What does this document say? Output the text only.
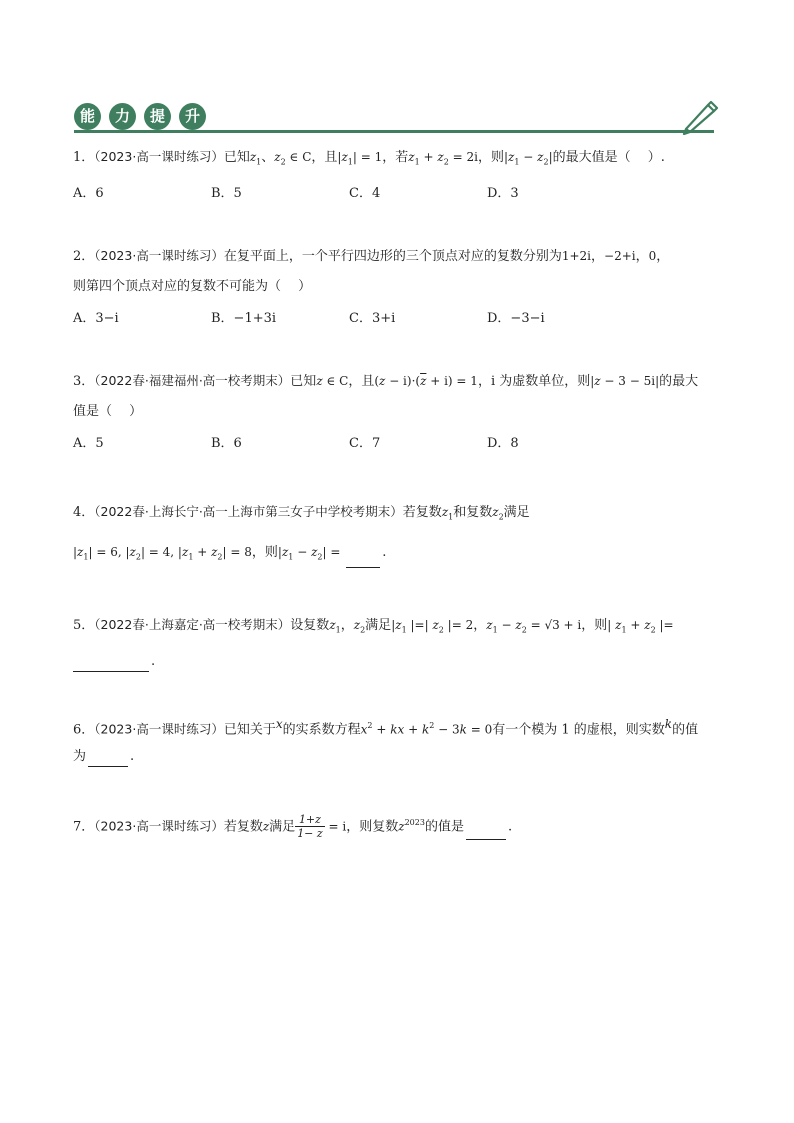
能	力	提	升
1．（2023·高一课时练习）已知$z_1$、$z_2$ ∈ C，且$|z_1| = 1$，若$z_1 + z_2 = 2i$，则$|z_1 - z_2|$的最大值是（　 ）.
A．6	B．5	C．4	D．3
2．（2023·高一课时练习）在复平面上，一个平行四边形的三个顶点对应的复数分别为1+2i，−2+i，0，
则第四个顶点对应的复数不可能为（　 ）
A．3−i	B．−1+3i	C．3+i	D．−3−i
3．（2022春·福建福州·高一校考期末）已知z ∈ C，且$(z - i)\cdot(\overline{z} + i) = 1$，i 为虚数单位，则|z − 3 − 5i|的最大
值是（　 ）
A．5	B．6	C．7	D．8
4．（2022春·上海长宁·高一上海市第三女子中学校考期末）若复数$z_1$和复数$z_2$满足
$|z_1| = 6$, $|z_2| = 4$, $|z_1 + z_2| = 8$，则$|z_1 - z_2|$ =	.
5．（2022春·上海嘉定·高一校考期末）设复数$z_1$，$z_2$满足$|z_1$ |=| $z_2$ |= 2，$z_1 - z_2 = √3 + i$，则| $z_1 + z_2$ |=
.
6．（2023·高一课时练习）已知关于$^x$的实系数方程$x^2$ + kx + $k^2 - 3k = 0$有一个模为 1 的虚根，则实数$^k$的值
为	.
7．（2023·高一课时练习）若复数z满足 $\frac{1+z}{1- z} = i$，则复数$z^{2023}$的值是	.
